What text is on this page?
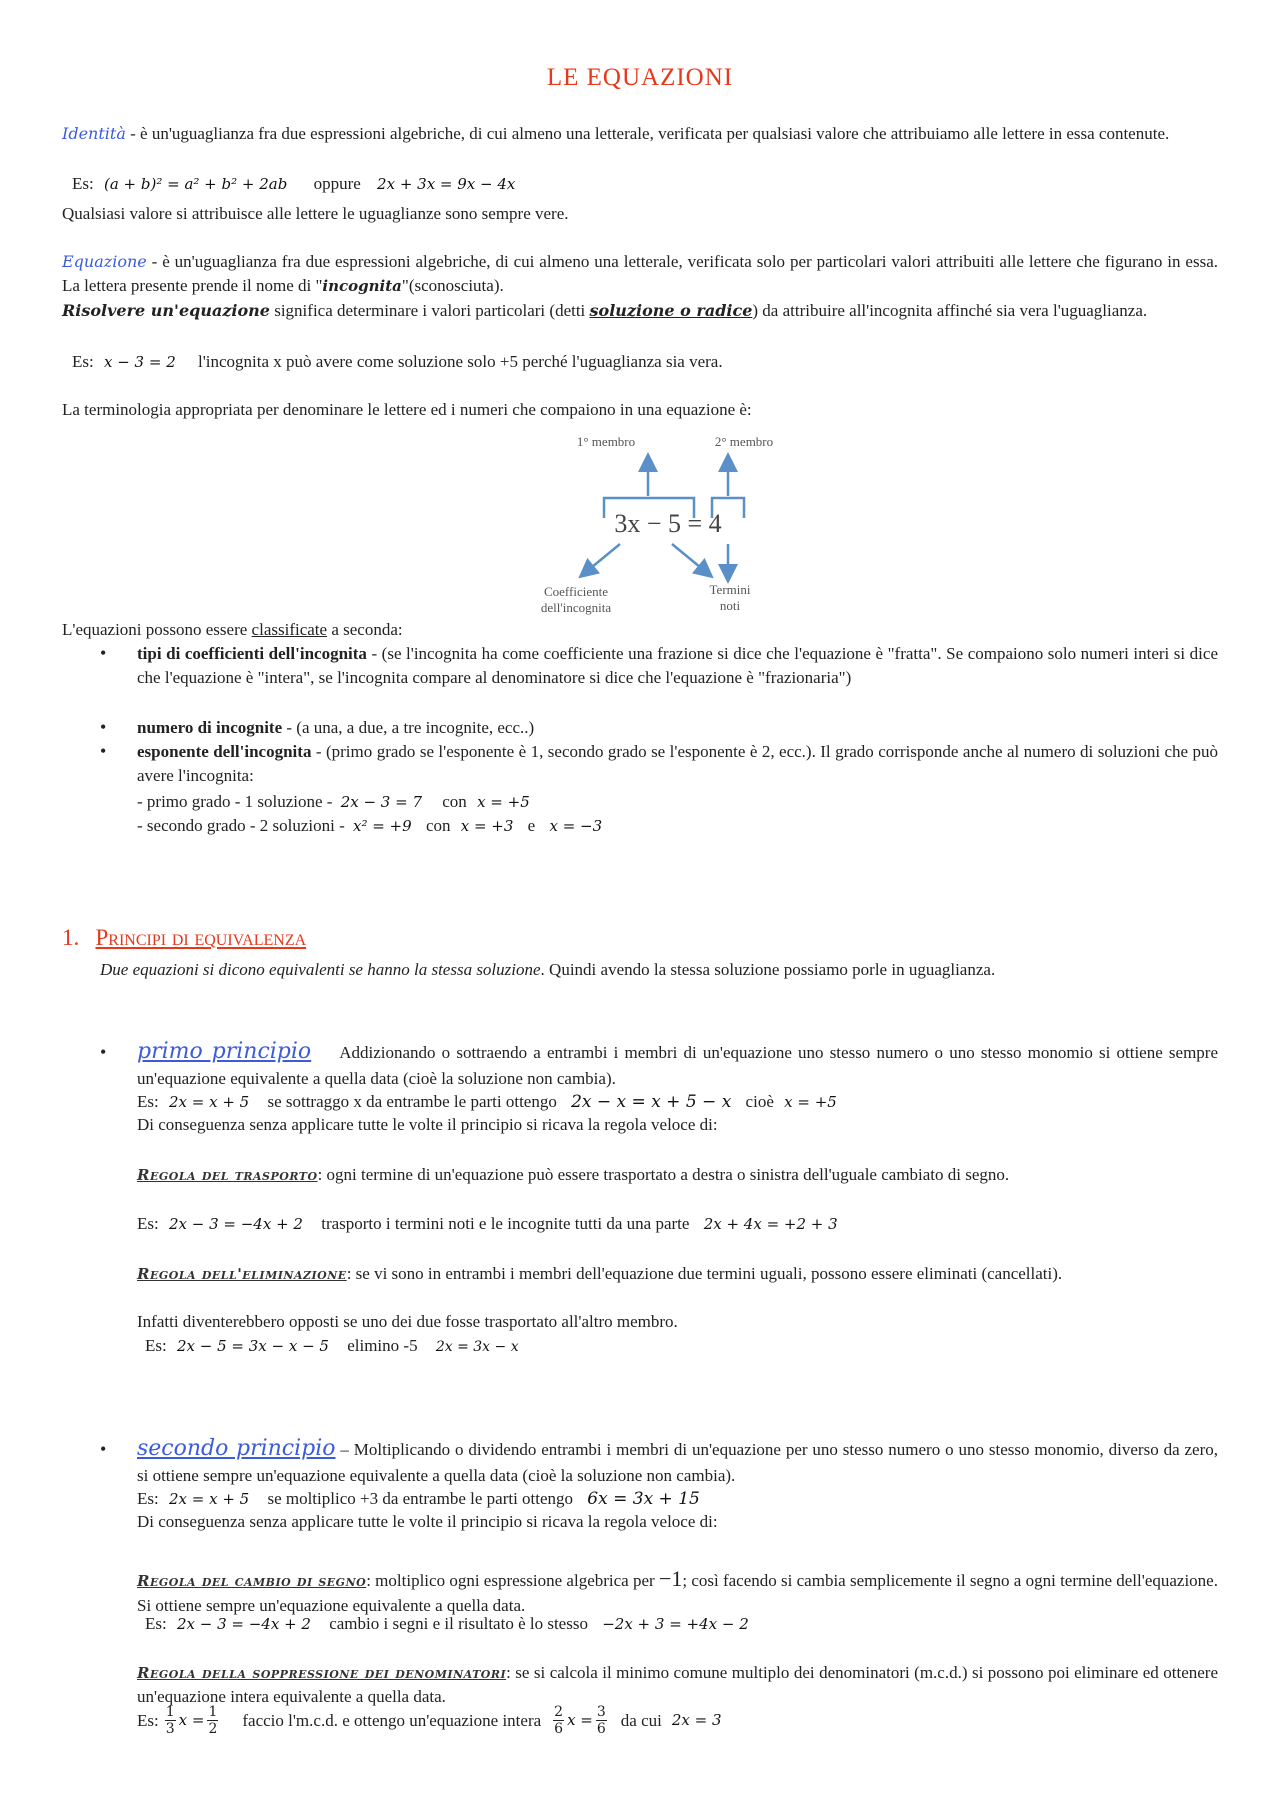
LE EQUAZIONI
Identità - è un'uguaglianza fra due espressioni algebriche, di cui almeno una letterale, verificata per qualsiasi valore che attribuiamo alle lettere in essa contenute.
Es: (a + b)² = a² + b² + 2ab oppure 2x + 3x = 9x − 4x
Qualsiasi valore si attribuisce alle lettere le uguaglianze sono sempre vere.
Equazione - è un'uguaglianza fra due espressioni algebriche, di cui almeno una letterale, verificata solo per particolari valori attribuiti alle lettere che figurano in essa. La lettera presente prende il nome di "incognita"(sconosciuta).
Risolvere un'equazione significa determinare i valori particolari (detti soluzione o radice) da attribuire all'incognita affinché sia vera l'uguaglianza.
Es: x − 3 = 2 l'incognita x può avere come soluzione solo +5 perché l'uguaglianza sia vera.
La terminologia appropriata per denominare le lettere ed i numeri che compaiono in una equazione è:
1° membro	2° membro
3x − 5 = 4
Coefficiente
dell'incognita
Termini
noti
L'equazioni possono essere classificate a seconda:
• tipi di coefficienti dell'incognita - (se l'incognita ha come coefficiente una frazione si dice che l'equazione è "fratta". Se compaiono solo numeri interi si dice che l'equazione è "intera", se l'incognita compare al denominatore si dice che l'equazione è "frazionaria")
• numero di incognite - (a una, a due, a tre incognite, ecc..)
• esponente dell'incognita - (primo grado se l'esponente è 1, secondo grado se l'esponente è 2, ecc.). Il grado corrisponde anche al numero di soluzioni che può avere l'incognita:
- primo grado - 1 soluzione - 2x − 3 = 7 con x = +5
- secondo grado - 2 soluzioni - x² = +9 con x = +3 e x = −3
1. Principi di equivalenza
Due equazioni si dicono equivalenti se hanno la stessa soluzione. Quindi avendo la stessa soluzione possiamo porle in uguaglianza.
• primo principio Addizionando o sottraendo a entrambi i membri di un'equazione uno stesso numero o uno stesso monomio si ottiene sempre un'equazione equivalente a quella data (cioè la soluzione non cambia).
Es: 2x = x + 5 se sottraggo x da entrambe le parti ottengo 2x − x = x + 5 − x cioè x = +5
Di conseguenza senza applicare tutte le volte il principio si ricava la regola veloce di:
Regola del trasporto: ogni termine di un'equazione può essere trasportato a destra o sinistra dell'uguale cambiato di segno.
Es: 2x − 3 = −4x + 2 trasporto i termini noti e le incognite tutti da una parte 2x + 4x = +2 + 3
Regola dell'eliminazione: se vi sono in entrambi i membri dell'equazione due termini uguali, possono essere eliminati (cancellati).
Infatti diventerebbero opposti se uno dei due fosse trasportato all'altro membro.
Es: 2x − 5 = 3x − x − 5 elimino -5 2x = 3x − x
• secondo principio – Moltiplicando o dividendo entrambi i membri di un'equazione per uno stesso numero o uno stesso monomio, diverso da zero, si ottiene sempre un'equazione equivalente a quella data (cioè la soluzione non cambia).
Es: 2x = x + 5 se moltiplico +3 da entrambe le parti ottengo 6x = 3x + 15
Di conseguenza senza applicare tutte le volte il principio si ricava la regola veloce di:
Regola del cambio di segno: moltiplico ogni espressione algebrica per −1; così facendo si cambia semplicemente il segno a ogni termine dell'equazione. Si ottiene sempre un'equazione equivalente a quella data.
Es: 2x − 3 = −4x + 2 cambio i segni e il risultato è lo stesso −2x + 3 = +4x − 2
Regola della soppressione dei denominatori: se si calcola il minimo comune multiplo dei denominatori (m.c.d.) si possono poi eliminare ed ottenere un'equazione intera equivalente a quella data.
Es: $\frac{1}{3}$ $x = \frac{1}{2}$ faccio l'm.c.d. e ottengo un'equazione intera $\frac{2}{6}$ $x = \frac{3}{6}$ da cui 2x = 3
